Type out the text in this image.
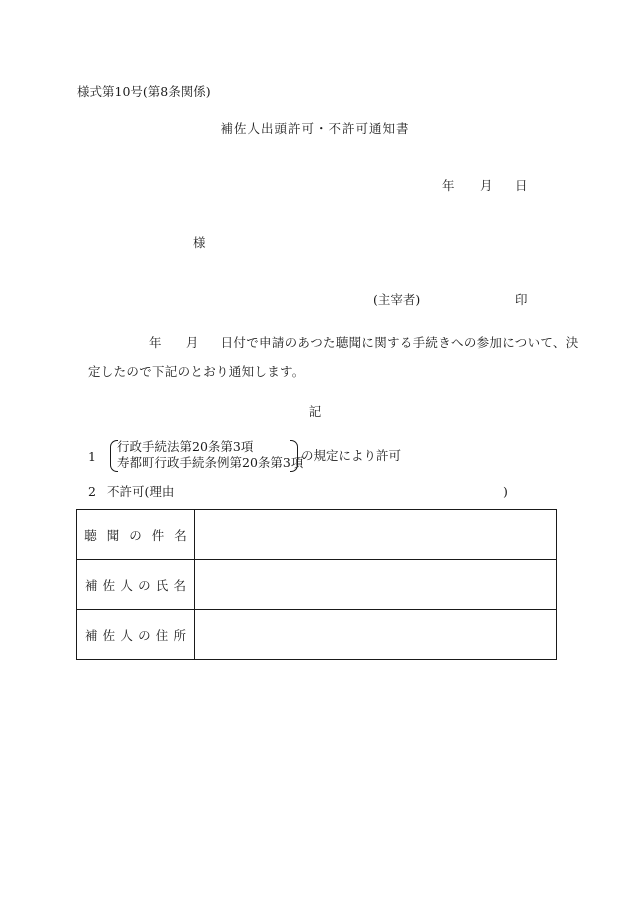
様式第10号(第8条関係)
補佐人出頭許可・不許可通知書
年 月 日
様
(主宰者)	印
年 月 日付で申請のあつた聴聞に関する手続きへの参加について、決
定したので下記のとおり通知します。
記
1
行政手続法第20条第3項
寿都町行政手続条例第20条第3項
の規定により許可
2 不許可(理由	)
聴聞の件名	
補佐人の氏名	
補佐人の住所	
